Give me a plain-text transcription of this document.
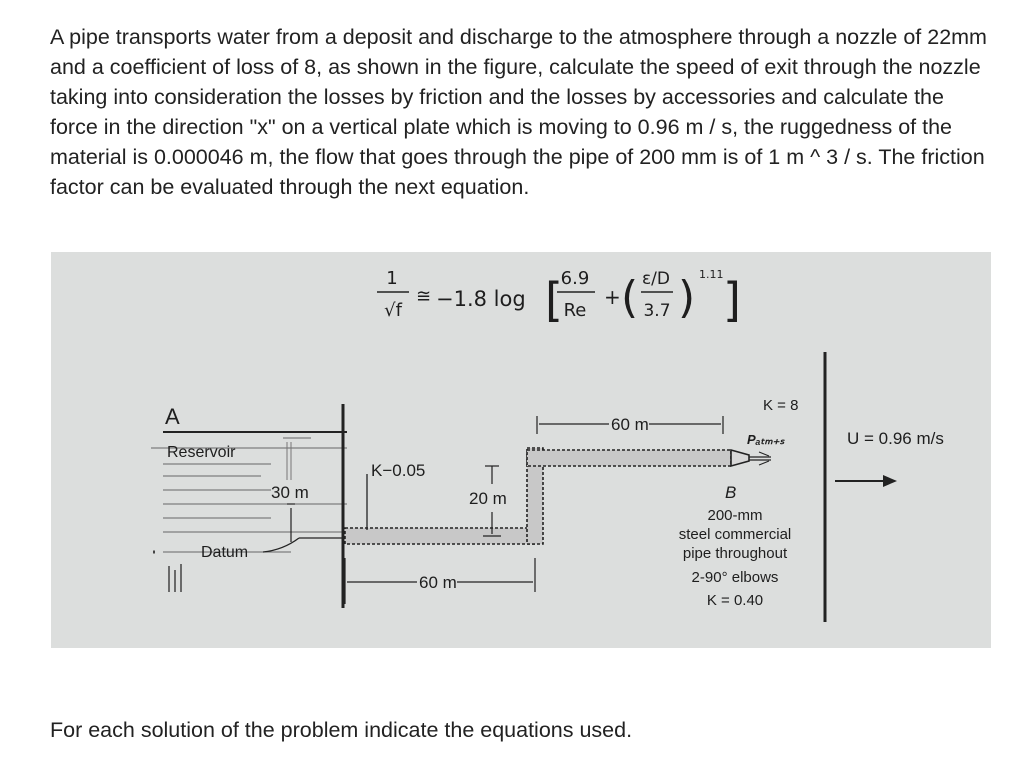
A pipe transports water from a deposit and discharge to the atmosphere through a nozzle of 22mm and a coefficient of loss of 8, as shown in the figure, calculate the speed of exit through the nozzle taking into consideration the losses by friction and the losses by accessories and calculate the force in the direction "x" on a vertical plate which is moving to 0.96 m / s, the ruggedness of the material is 0.000046 m, the flow that goes through the pipe of 200 mm is of 1 m ^ 3 / s. The friction factor can be evaluated through the next equation.

1
√f
≅ −1.8 log [
6.9
Re
+ ( ε/D
3.7 ) 1.11 ]
A
Reservoir
30 m
Datum
K−0.05
20 m
60 m
60 m
K = 8
Pₐₜₘ₊ₛ
B
200-mm
steel commercial
pipe throughout
2-90° elbows
K = 0.40
U = 0.96 m/s

For each solution of the problem indicate the equations used.
